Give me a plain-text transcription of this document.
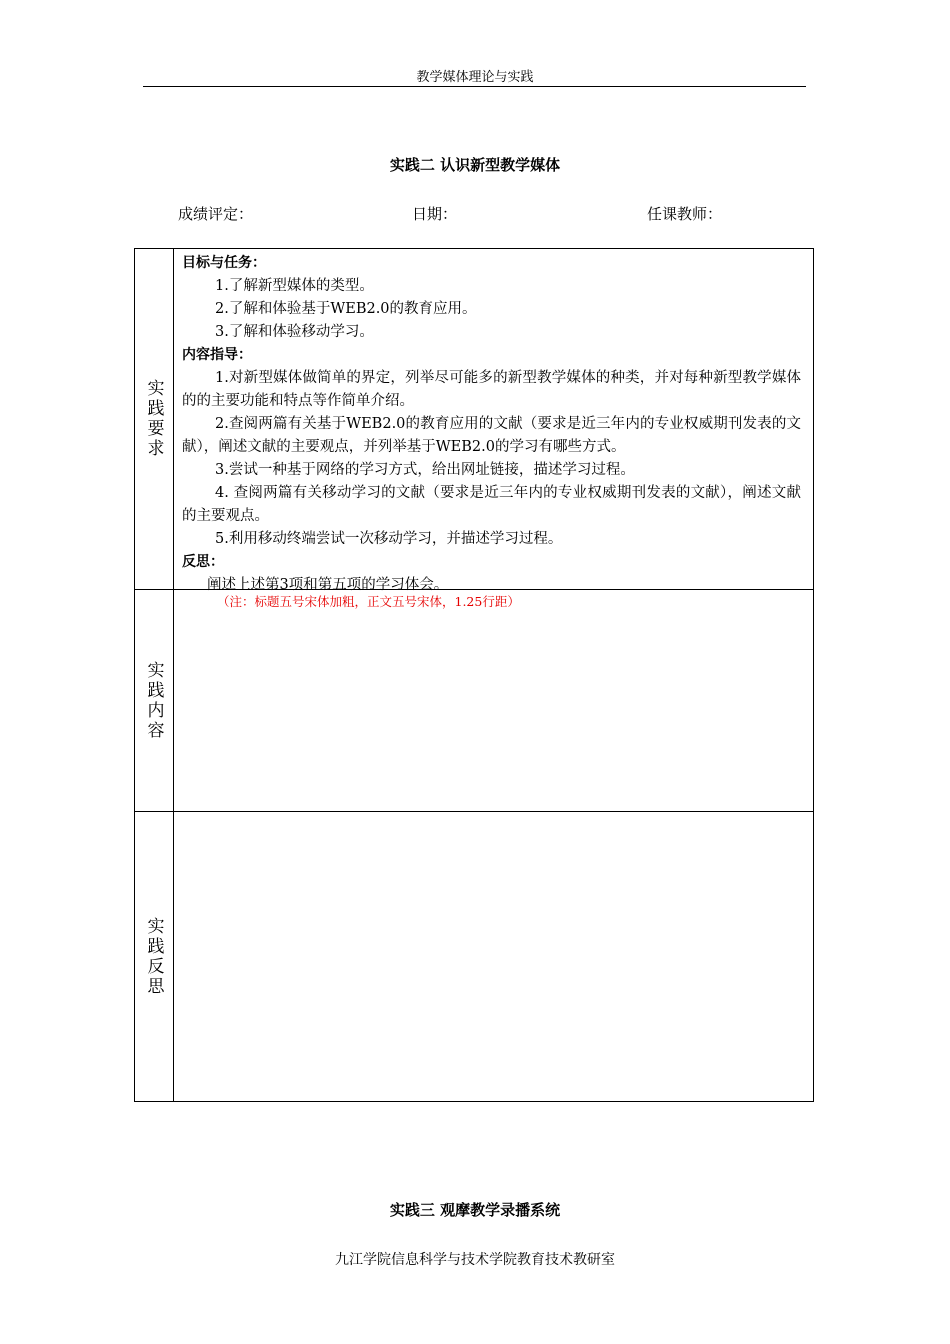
教学媒体理论与实践
实践二 认识新型教学媒体
成绩评定：	日期：	任课教师：
实践要求
目标与任务：
1.了解新型媒体的类型。
2.了解和体验基于WEB2.0的教育应用。
3.了解和体验移动学习。
内容指导：
1.对新型媒体做简单的界定，列举尽可能多的新型教学媒体的种类，并对每种新型教学媒体的的主要功能和特点等作简单介绍。
2.查阅两篇有关基于WEB2.0的教育应用的文献（要求是近三年内的专业权威期刊发表的文献），阐述文献的主要观点，并列举基于WEB2.0的学习有哪些方式。
3.尝试一种基于网络的学习方式，给出网址链接，描述学习过程。
4. 查阅两篇有关移动学习的文献（要求是近三年内的专业权威期刊发表的文献），阐述文献的主要观点。
5.利用移动终端尝试一次移动学习，并描述学习过程。
反思：
阐述上述第3项和第五项的学习体会。
实践内容
（注：标题五号宋体加粗，正文五号宋体，1.25行距）
实践反思
实践三 观摩教学录播系统
九江学院信息科学与技术学院教育技术教研室
